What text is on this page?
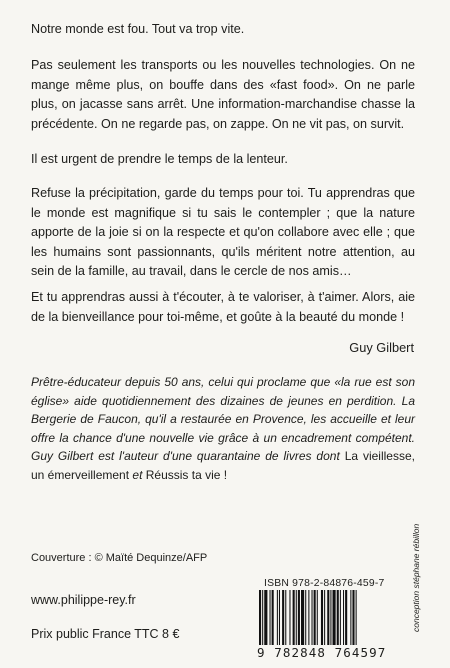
Notre monde est fou. Tout va trop vite.

Pas seulement les transports ou les nouvelles technologies. On ne mange même plus, on bouffe dans des «fast food». On ne parle plus, on jacasse sans arrêt. Une information-marchandise chasse la précédente. On ne regarde pas, on zappe. On ne vit pas, on survit.

Il est urgent de prendre le temps de la lenteur.

Refuse la précipitation, garde du temps pour toi. Tu apprendras que le monde est magnifique si tu sais le contempler ; que la nature apporte de la joie si on la respecte et qu'on collabore avec elle ; que les humains sont passionnants, qu'ils méritent notre attention, au sein de la famille, au travail, dans le cercle de nos amis…

Et tu apprendras aussi à t'écouter, à te valoriser, à t'aimer. Alors, aie de la bienveillance pour toi-même, et goûte à la beauté du monde !

Guy Gilbert

Prêtre-éducateur depuis 50 ans, celui qui proclame que «la rue est son église» aide quotidiennement des dizaines de jeunes en perdition. La Bergerie de Faucon, qu'il a restaurée en Provence, les accueille et leur offre la chance d'une nouvelle vie grâce à un encadrement compétent. Guy Gilbert est l'auteur d'une quarantaine de livres dont La vieillesse, un émerveillement et Réussis ta vie !

Couverture : © Maïté Dequinze/AFP

www.philippe-rey.fr

Prix public France TTC 8 €

ISBN 978-2-84876-459-7

9 782848 764597

conception stéphane rébillon
